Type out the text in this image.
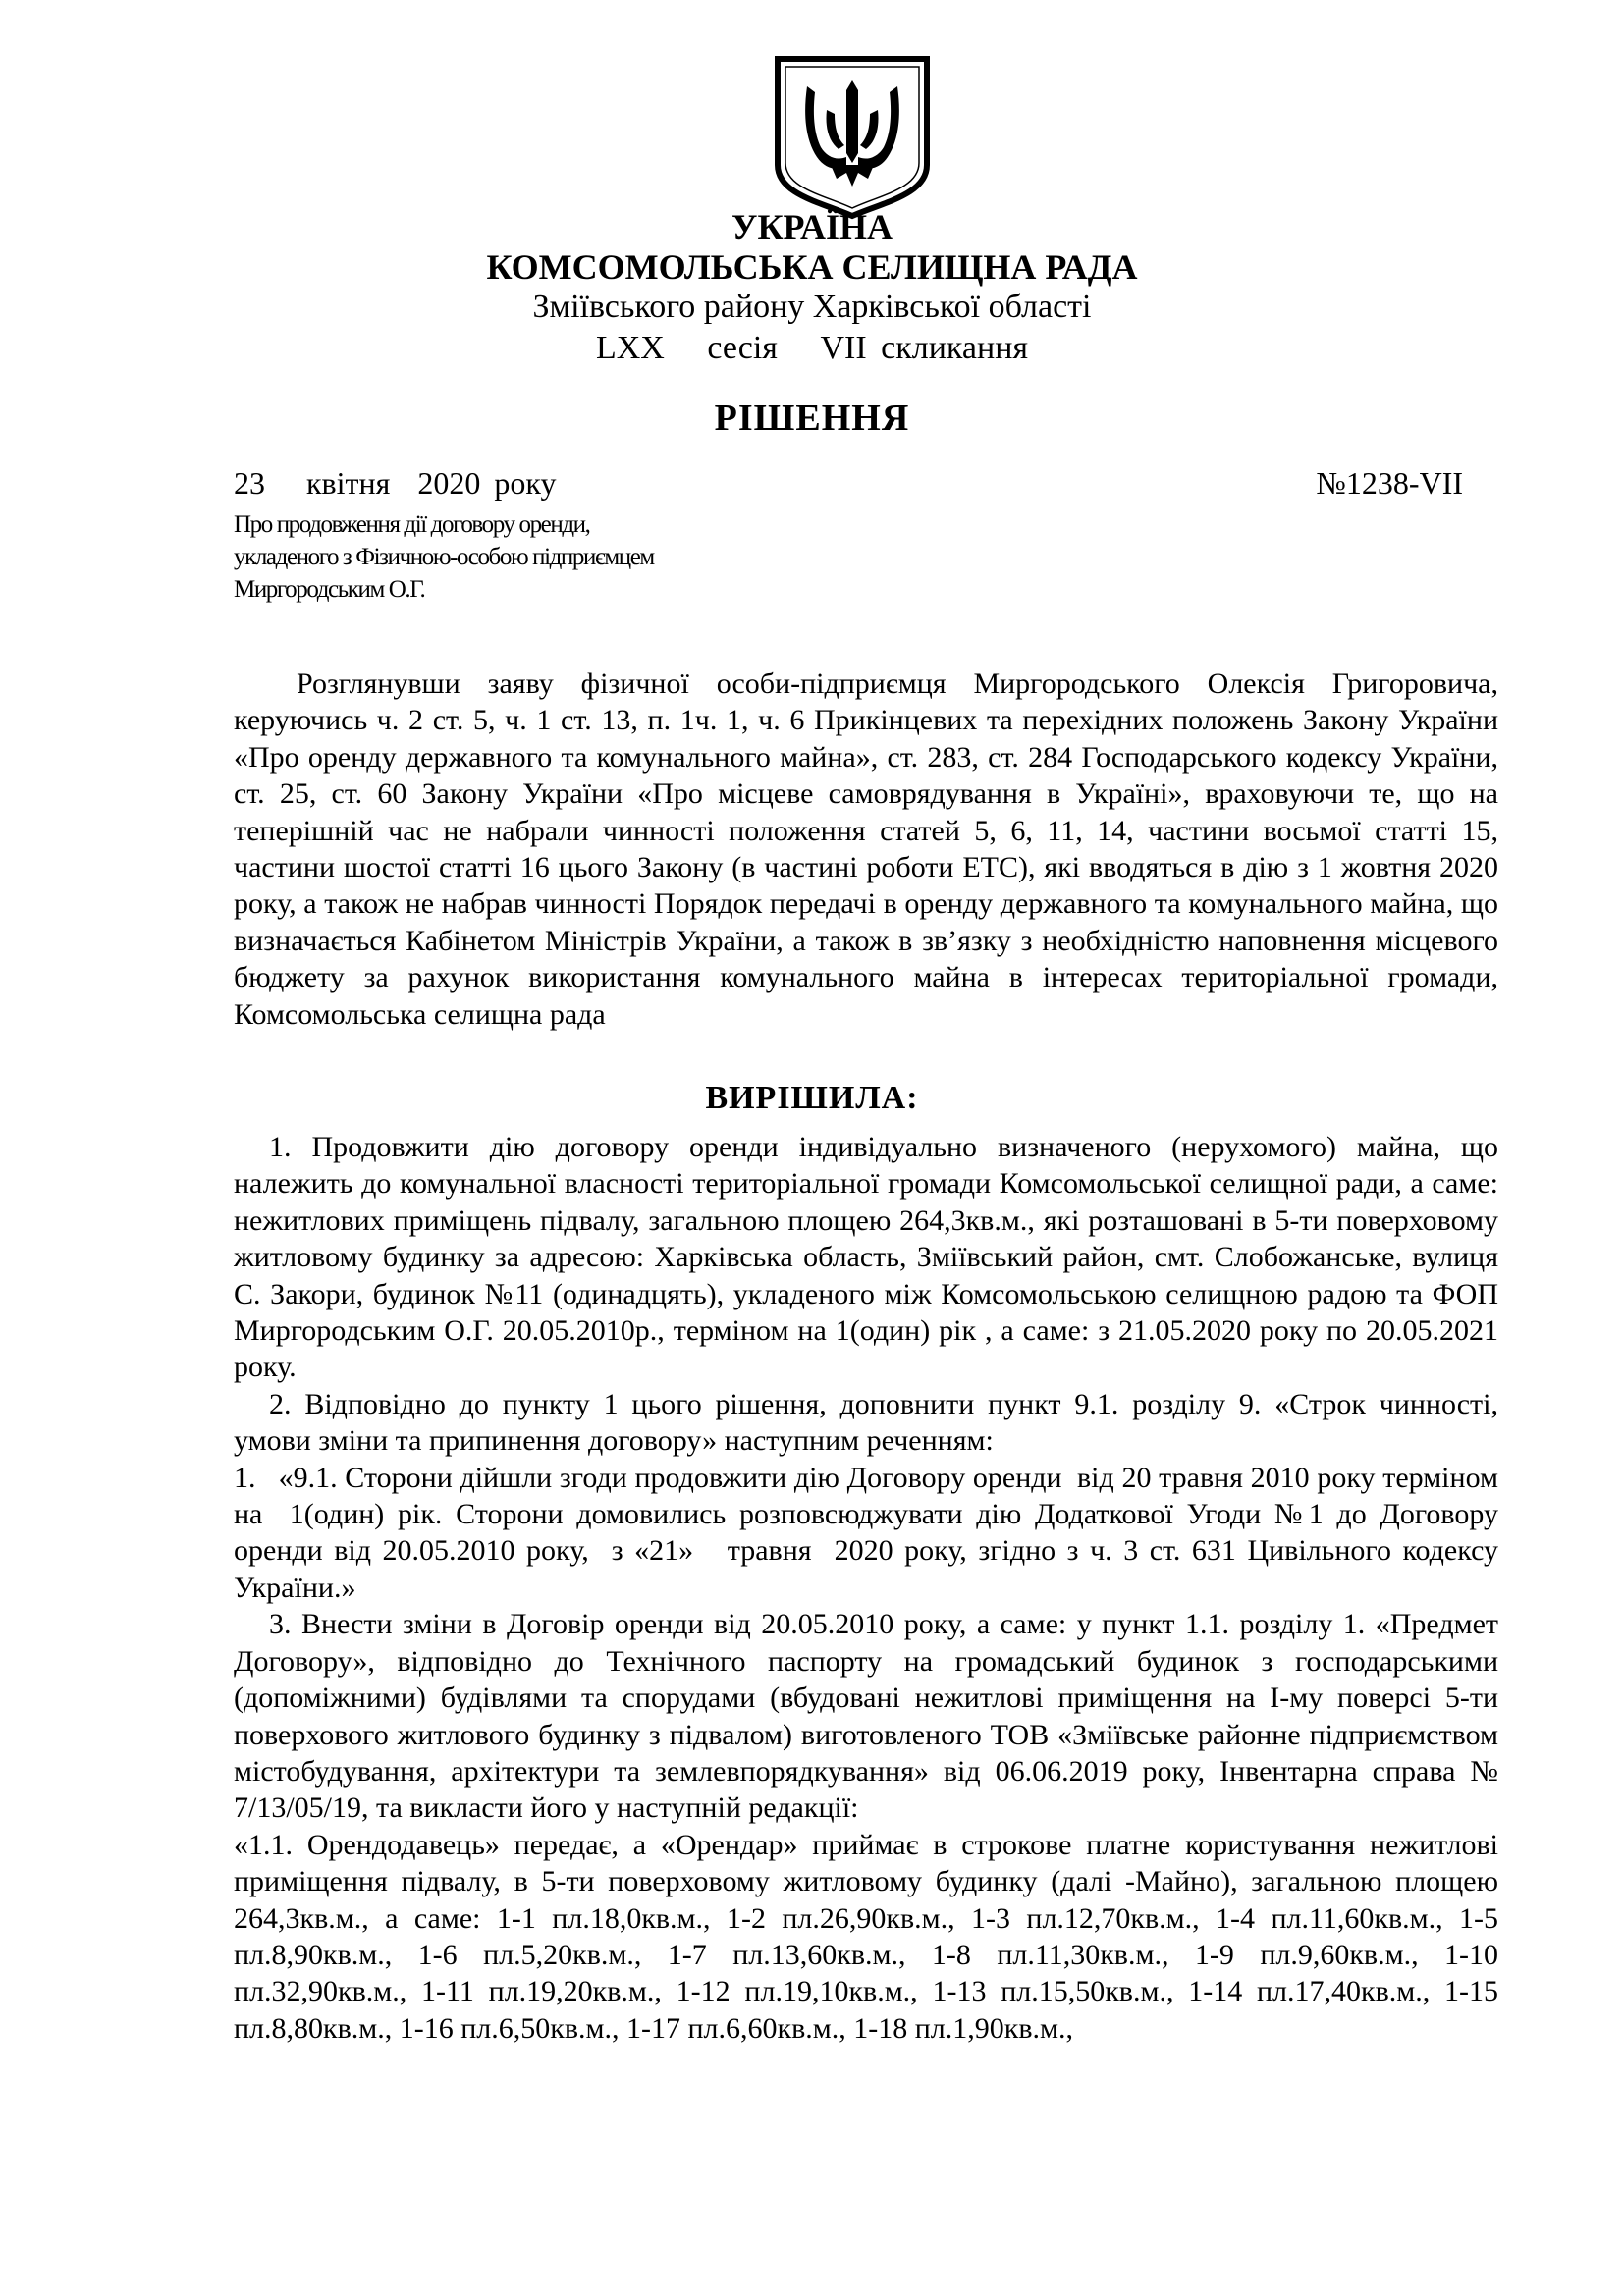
УКРАЇНА
КОМСОМОЛЬСЬКА СЕЛИЩНА РАДА
Зміївського району Харківської області
LXX   сесія   VII скликання
РІШЕННЯ
23   квітня  2020 року	№1238-VII
Про продовження дії договору оренди,
укладеного з Фізичною-особою підприємцем
Миргородським О.Г.

Розглянувши заяву фізичної особи-підприємця Миргородського Олексія Григоровича, керуючись ч. 2 ст. 5, ч. 1 ст. 13, п. 1ч. 1, ч. 6 Прикінцевих та перехідних положень Закону України «Про оренду державного та комунального майна», ст. 283, ст. 284 Господарського кодексу України, ст. 25, ст. 60 Закону України «Про місцеве самоврядування в Україні», враховуючи те, що на теперішній час не набрали чинності положення статей 5, 6, 11, 14, частини восьмої статті 15, частини шостої статті 16 цього Закону (в частині роботи ЕТС), які вводяться в дію з 1 жовтня 2020 року, а також не набрав чинності Порядок передачі в оренду державного та комунального майна, що визначається Кабінетом Міністрів України, а також в зв’язку з необхідністю наповнення місцевого бюджету за рахунок використання комунального майна в інтересах територіальної громади, Комсомольська селищна рада

ВИРІШИЛА:

1. Продовжити дію договору оренди індивідуально визначеного (нерухомого) майна, що належить до комунальної власності територіальної громади Комсомольської селищної ради, а саме: нежитлових приміщень підвалу, загальною площею 264,3кв.м., які розташовані в 5-ти поверховому житловому будинку за адресою: Харківська область, Зміївський район, смт. Слобожанське, вулиця С. Закори, будинок №11 (одинадцять), укладеного між Комсомольською селищною радою та ФОП Миргородським О.Г. 20.05.2010р., терміном на 1(один) рік , а саме: з 21.05.2020 року по 20.05.2021 року.

2. Відповідно до пункту 1 цього рішення, доповнити пункт 9.1. розділу 9. «Строк чинності, умови зміни та припинення договору» наступним реченням:

1.   «9.1. Сторони дійшли згоди продовжити дію Договору оренди  від 20 травня 2010 року терміном на  1(один) рік. Сторони домовились розповсюджувати дію Додаткової Угоди №1 до Договору оренди від 20.05.2010 року,  з «21»   травня  2020 року, згідно з ч. 3 ст. 631 Цивільного кодексу України.»

3. Внести зміни в Договір оренди від 20.05.2010 року, а саме: у пункт 1.1. розділу 1. «Предмет Договору», відповідно до Технічного паспорту на громадський будинок з господарськими (допоміжними) будівлями та спорудами (вбудовані нежитлові приміщення на І-му поверсі 5-ти поверхового житлового будинку з підвалом) виготовленого ТОВ «Зміївське районне підприємством містобудування, архітектури та землевпорядкування» від 06.06.2019 року, Інвентарна справа № 7/13/05/19, та викласти його у наступній редакції:

«1.1. Орендодавець» передає, а «Орендар» приймає в строкове платне користування нежитлові приміщення підвалу, в 5-ти поверховому житловому будинку (далі -Майно), загальною площею 264,3кв.м., а саме: 1-1 пл.18,0кв.м., 1-2 пл.26,90кв.м., 1-3 пл.12,70кв.м., 1-4 пл.11,60кв.м., 1-5 пл.8,90кв.м., 1-6 пл.5,20кв.м., 1-7 пл.13,60кв.м., 1-8 пл.11,30кв.м., 1-9 пл.9,60кв.м., 1-10 пл.32,90кв.м., 1-11 пл.19,20кв.м., 1-12 пл.19,10кв.м., 1-13 пл.15,50кв.м., 1-14 пл.17,40кв.м., 1-15 пл.8,80кв.м., 1-16 пл.6,50кв.м., 1-17 пл.6,60кв.м., 1-18 пл.1,90кв.м.,
